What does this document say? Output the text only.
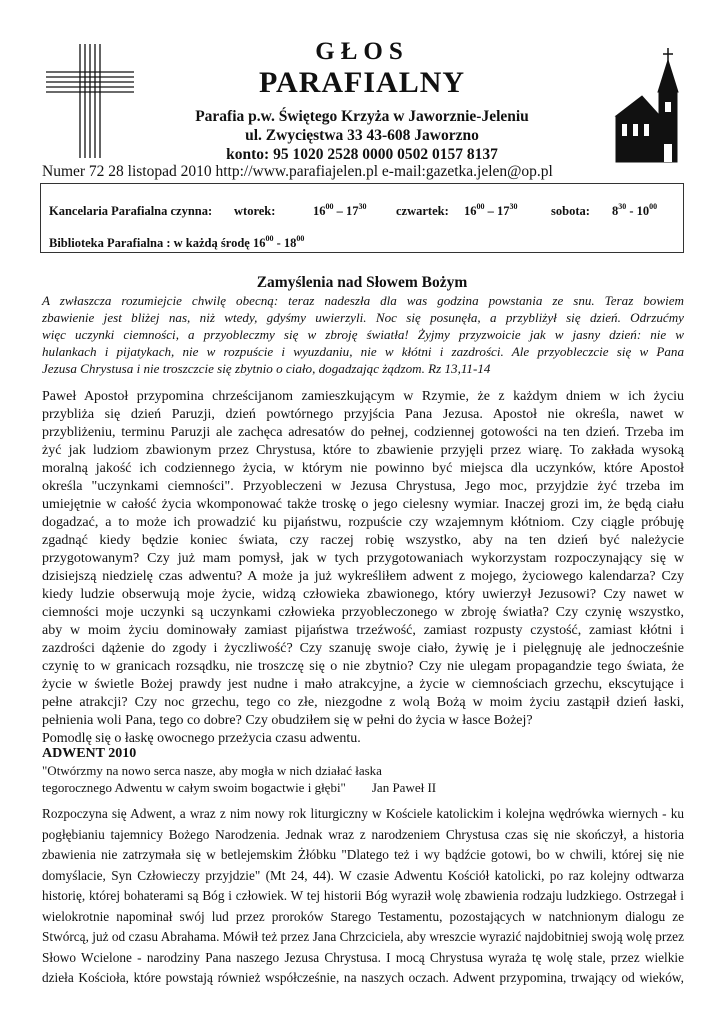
GŁOS
PARAFIALNY
Parafia p.w. Świętego Krzyża w Jaworznie-Jeleniu
ul. Zwycięstwa 33 43-608 Jaworzno
konto: 95 1020 2528 0000 0502 0157 8137
Numer 72 28 listopad 2010 http://www.parafiajelen.pl e-mail:gazetka.jelen@op.pl
Kancelaria Parafialna czynna: wtorek:	$16^{00} - 17^{30}$ czwartek: $16^{00} - 17^{30}$	sobota: $8^{30} - 10^{00}$
Biblioteka Parafialna : w każdą środę $16^{00} - 18^{00}$
Zamyślenia nad Słowem Bożym
A zwłaszcza rozumiejcie chwilę obecną: teraz nadeszła dla was godzina powstania ze snu. Teraz bowiem
zbawienie jest bliżej nas, niż wtedy, gdyśmy uwierzyli. Noc się posunęła, a przybliżył się dzień. Odrzućmy
więc uczynki ciemności, a przyobleczmy się w zbroję światła! Żyjmy przyzwoicie jak w jasny dzień: nie w
hulankach i pijatykach, nie w rozpuście i wyuzdaniu, nie w kłótni i zazdrości. Ale przyobleczcie się w Pana
Jezusa Chrystusa i nie troszczcie się zbytnio o ciało, dogadzając żądzom. Rz 13,11-14
Paweł Apostoł przypomina chrześcijanom zamieszkującym w Rzymie, że z każdym dniem w ich życiu
przybliża się dzień Paruzji, dzień powtórnego przyjścia Pana Jezusa. Apostoł nie określa, nawet w
przybliżeniu, terminu Paruzji ale zachęca adresatów do pełnej, codziennej gotowości na ten dzień. Trzeba im
żyć jak ludziom zbawionym przez Chrystusa, które to zbawienie przyjęli przez wiarę. To zakłada wysoką
moralną jakość ich codziennego życia, w którym nie powinno być miejsca dla uczynków, które Apostoł
określa "uczynkami ciemności". Przyobleczeni w Jezusa Chrystusa, Jego moc, przyjdzie żyć trzeba im
umiejętnie w całość życia wkomponować także troskę o jego cielesny wymiar. Inaczej grozi im, że będą ciału
dogadzać, a to może ich prowadzić ku pijaństwu, rozpuście czy wzajemnym kłótniom. Czy ciągle próbuję
zgadnąć kiedy będzie koniec świata, czy raczej robię wszystko, aby na ten dzień być należycie
przygotowanym? Czy już mam pomysł, jak w tych przygotowaniach wykorzystam rozpoczynający się w
dzisiejszą niedzielę czas adwentu? A może ja już wykreśliłem adwent z mojego, życiowego kalendarza? Czy
kiedy ludzie obserwują moje życie, widzą człowieka zbawionego, który uwierzył Jezusowi? Czy nawet w
ciemności moje uczynki są uczynkami człowieka przyobleczonego w zbroję światła? Czy czynię wszystko,
aby w moim życiu dominowały zamiast pijaństwa trzeźwość, zamiast rozpusty czystość, zamiast kłótni i
zazdrości dążenie do zgody i życzliwość? Czy szanuję swoje ciało, żywię je i pielęgnuję ale jednocześnie
czynię to w granicach rozsądku, nie troszczę się o nie zbytnio? Czy nie ulegam propagandzie tego świata, że
życie w świetle Bożej prawdy jest nudne i mało atrakcyjne, a życie w ciemnościach grzechu, ekscytujące i
pełne atrakcji? Czy noc grzechu, tego co złe, niezgodne z wolą Bożą w moim życiu zastąpił dzień łaski,
pełnienia woli Pana, tego co dobre? Czy obudziłem się w pełni do życia w łasce Bożej?
Pomodlę się o łaskę owocnego przeżycia czasu adwentu.
ADWENT 2010
"Otwórzmy na nowo serca nasze, aby mogła w nich działać łaska
tegorocznego Adwentu w całym swoim bogactwie i głębi" Jan Paweł II
Rozpoczyna się Adwent, a wraz z nim nowy rok liturgiczny w Kościele katolickim i kolejna wędrówka wiernych - ku
pogłębianiu tajemnicy Bożego Narodzenia. Jednak wraz z narodzeniem Chrystusa czas się nie skończył, a historia
zbawienia nie zatrzymała się w betlejemskim Żłóbku "Dlatego też i wy bądźcie gotowi, bo w chwili, której się nie
domyślacie, Syn Człowieczy przyjdzie" (Mt 24, 44). W czasie Adwentu Kościół katolicki, po raz kolejny odtwarza
historię, której bohaterami są Bóg i człowiek. W tej historii Bóg wyraził wolę zbawienia rodzaju ludzkiego. Ostrzegał i
wielokrotnie napominał swój lud przez proroków Starego Testamentu, pozostających w natchnionym dialogu ze
Stwórcą, już od czasu Abrahama. Mówił też przez Jana Chrzciciela, aby wreszcie wyrazić najdobitniej swoją wolę przez
Słowo Wcielone - narodziny Pana naszego Jezusa Chrystusa. I mocą Chrystusa wyraża tę wolę stale, przez wielkie
dzieła Kościoła, które powstają również współcześnie, na naszych oczach. Adwent przypomina, trwający od wieków,
